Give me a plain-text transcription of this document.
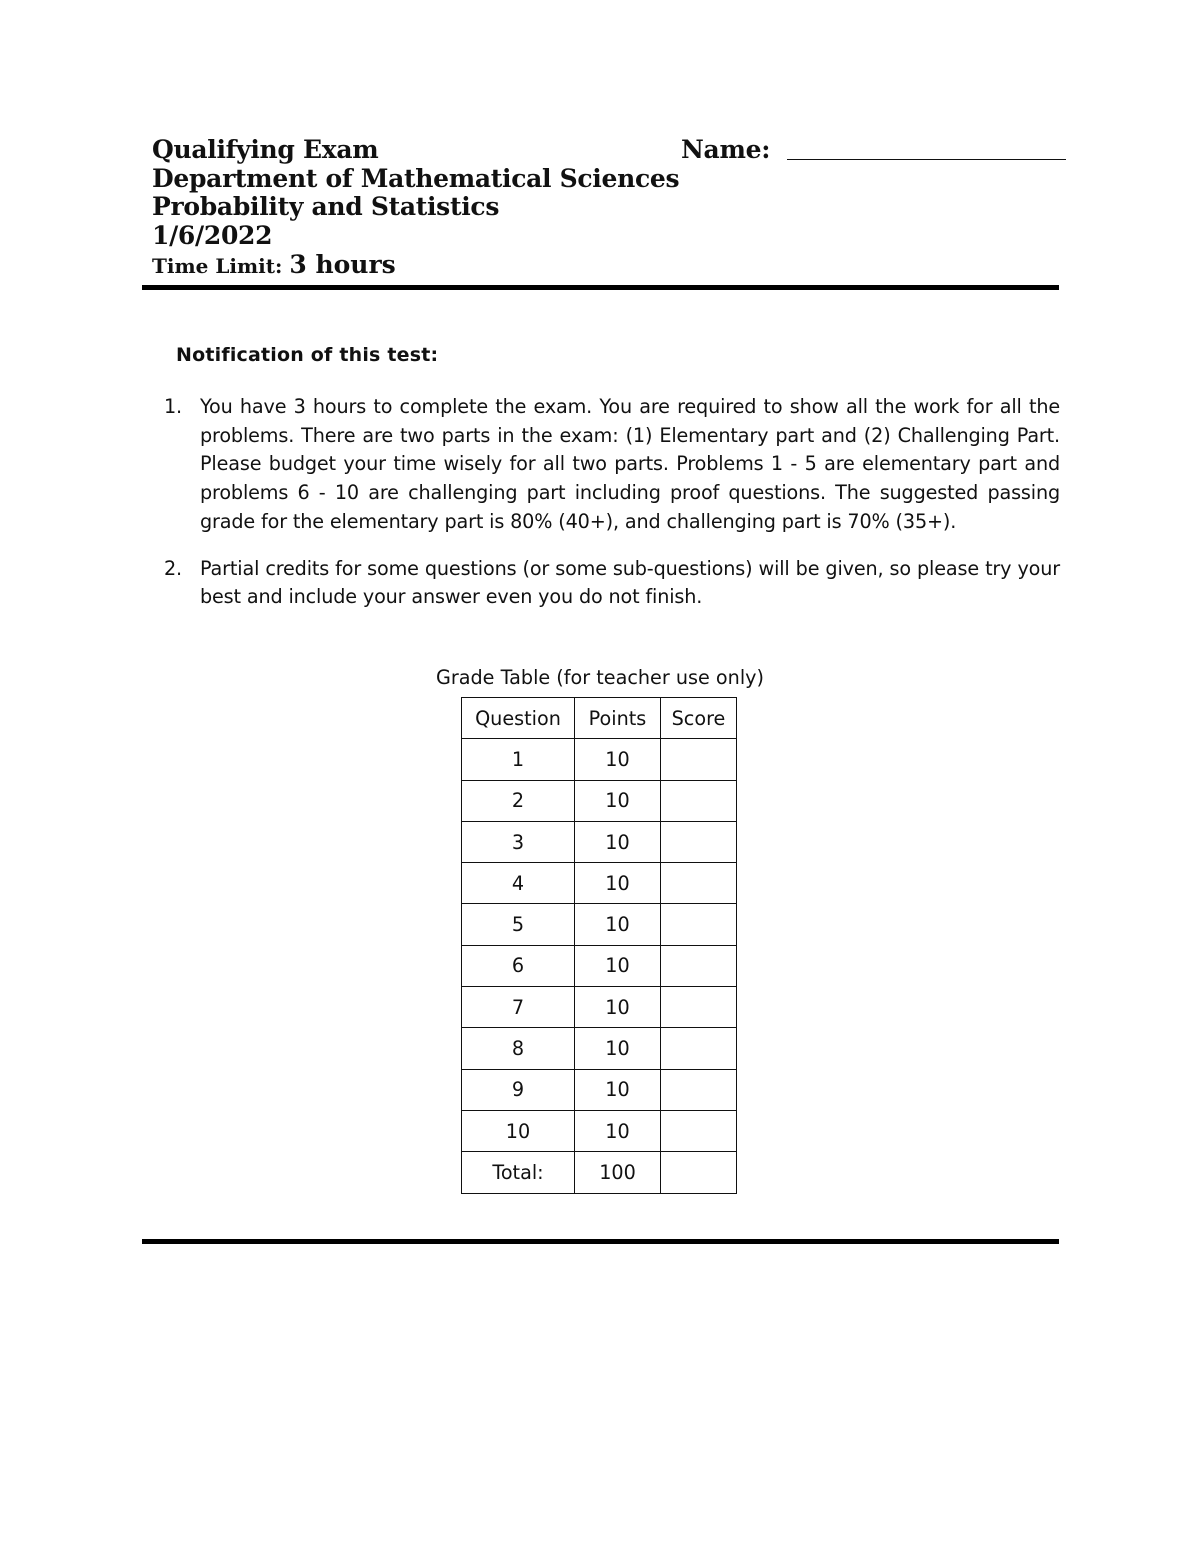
Qualifying Exam	Name:
Department of Mathematical Sciences
Probability and Statistics
1/6/2022
Time Limit: 3 hours
Notification of this test:
1. You have 3 hours to complete the exam. You are required to show all the work for all the problems. There are two parts in the exam: (1) Elementary part and (2) Challenging Part. Please budget your time wisely for all two parts. Problems 1 - 5 are elementary part and problems 6 - 10 are challenging part including proof questions. The suggested passing grade for the elementary part is 80% (40+), and challenging part is 70% (35+).
2. Partial credits for some questions (or some sub-questions) will be given, so please try your best and include your answer even you do not finish.
Grade Table (for teacher use only)
Question	Points	Score
1	10	
2	10	
3	10	
4	10	
5	10	
6	10	
7	10	
8	10	
9	10	
10	10	
Total:	100	
